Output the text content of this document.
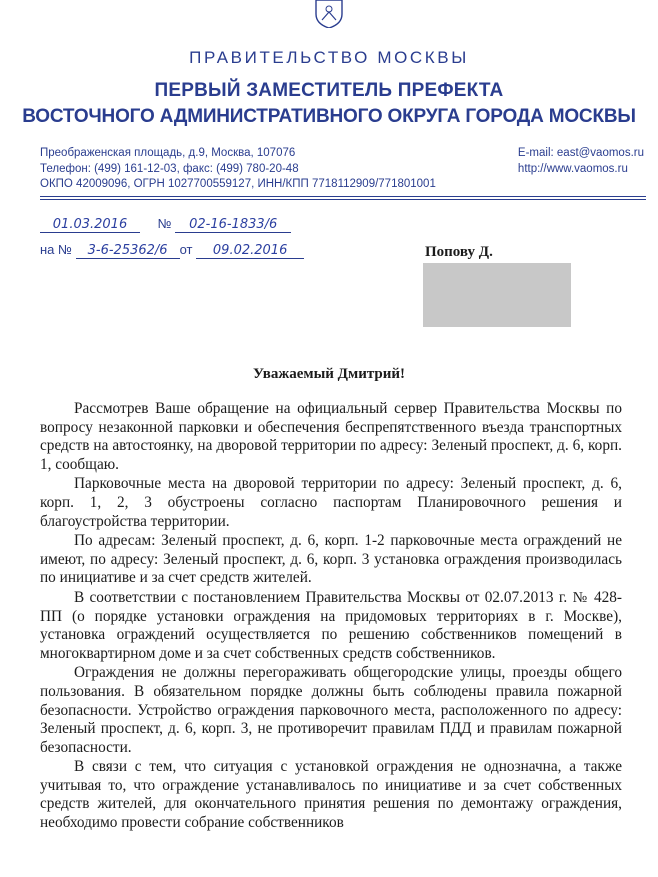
ПРАВИТЕЛЬСТВО МОСКВЫ
ПЕРВЫЙ ЗАМЕСТИТЕЛЬ ПРЕФЕКТА
ВОСТОЧНОГО АДМИНИСТРАТИВНОГО ОКРУГА ГОРОДА МОСКВЫ
Преображенская площадь, д.9, Москва, 107076
Телефон: (499) 161-12-03, факс: (499) 780-20-48
ОКПО 42009096, ОГРН 1027700559127, ИНН/КПП 7718112909/771801001
E-mail: east@vaomos.ru
http://www.vaomos.ru
01.03.2016 № 02-16-1833/6
на № 3-6-25362/6 от 09.02.2016	Попову Д.
Уважаемый Дмитрий!

Рассмотрев Ваше обращение на официальный сервер Правительства Москвы по вопросу незаконной парковки и обеспечения беспрепятственного въезда транспортных средств на автостоянку, на дворовой территории по адресу: Зеленый проспект, д. 6, корп. 1, сообщаю.

Парковочные места на дворовой территории по адресу: Зеленый проспект, д. 6, корп. 1, 2, 3 обустроены согласно паспортам Планировочного решения и благоустройства территории.

По адресам: Зеленый проспект, д. 6, корп. 1-2 парковочные места ограждений не имеют, по адресу: Зеленый проспект, д. 6, корп. 3 установка ограждения производилась по инициативе и за счет средств жителей.

В соответствии с постановлением Правительства Москвы от 02.07.2013 г. № 428-ПП (о порядке установки ограждения на придомовых территориях в г. Москве), установка ограждений осуществляется по решению собственников помещений в многоквартирном доме и за счет собственных средств собственников.

Ограждения не должны перегораживать общегородские улицы, проезды общего пользования. В обязательном порядке должны быть соблюдены правила пожарной безопасности. Устройство ограждения парковочного места, расположенного по адресу: Зеленый проспект, д. 6, корп. 3, не противоречит правилам ПДД и правилам пожарной безопасности.

В связи с тем, что ситуация с установкой ограждения не однозначна, а также учитывая то, что ограждение устанавливалось по инициативе и за счет собственных средств жителей, для окончательного принятия решения по демонтажу ограждения, необходимо провести собрание собственников
